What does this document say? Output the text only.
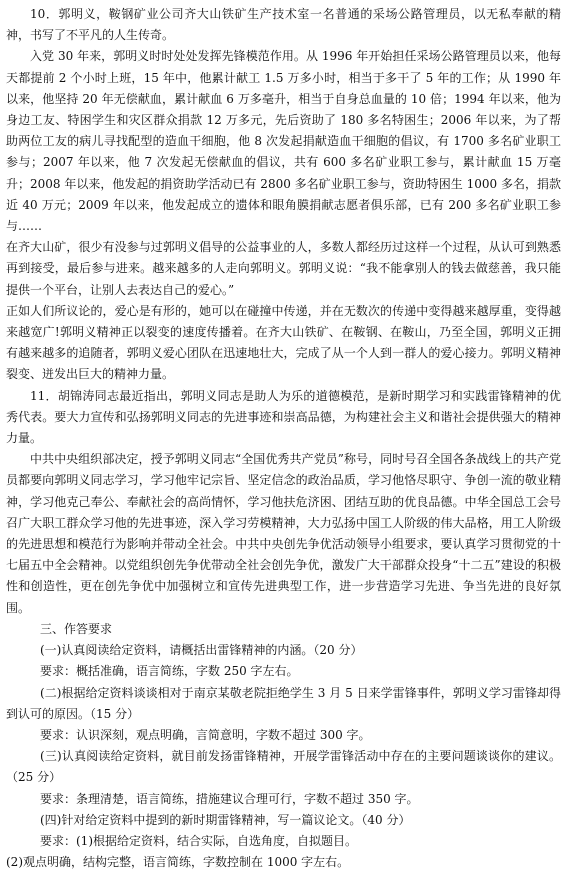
10．郭明义，鞍钢矿业公司齐大山铁矿生产技术室一名普通的采场公路管理员，以无私奉献的精神，书写了不平凡的人生传奇。

入党 30 年来，郭明义时时处处发挥先锋模范作用。从 1996 年开始担任采场公路管理员以来，他每天都提前 2 个小时上班，15 年中，他累计献工 1.5 万多小时，相当于多干了 5 年的工作；从 1990 年以来，他坚持 20 年无偿献血，累计献血 6 万多毫升，相当于自身总血量的 10 倍；1994 年以来，他为身边工友、特困学生和灾区群众捐款 12 万多元，先后资助了 180 多名特困生；2006 年以来，为了帮助两位工友的病儿寻找配型的造血干细胞，他 8 次发起捐献造血干细胞的倡议，有 1700 多名矿业职工参与；2007 年以来，他 7 次发起无偿献血的倡议，共有 600 多名矿业职工参与，累计献血 15 万毫升；2008 年以来，他发起的捐资助学活动已有 2800 多名矿业职工参与，资助特困生 1000 多名，捐款近 40 万元；2009 年以来，他发起成立的遗体和眼角膜捐献志愿者俱乐部，已有 200 多名矿业职工参与……

在齐大山矿，很少有没参与过郭明义倡导的公益事业的人，多数人都经历过这样一个过程，从认可到熟悉再到接受，最后参与进来。越来越多的人走向郭明义。郭明义说：“我不能拿别人的钱去做慈善，我只能提供一个平台，让别人去表达自己的爱心。”

正如人们所议论的，爱心是有形的，她可以在碰撞中传递，并在无数次的传递中变得越来越厚重，变得越来越宽广!郭明义精神正以裂变的速度传播着。在齐大山铁矿、在鞍钢、在鞍山，乃至全国，郭明义正拥有越来越多的追随者，郭明义爱心团队在迅速地壮大，完成了从一个人到一群人的爱心接力。郭明义精神裂变、迸发出巨大的精神力量。

11．胡锦涛同志最近指出，郭明义同志是助人为乐的道德模范，是新时期学习和实践雷锋精神的优秀代表。要大力宣传和弘扬郭明义同志的先进事迹和崇高品德，为构建社会主义和谐社会提供强大的精神力量。

中共中央组织部决定，授予郭明义同志“全国优秀共产党员”称号，同时号召全国各条战线上的共产党员都要向郭明义同志学习，学习他牢记宗旨、坚定信念的政治品质，学习他恪尽职守、争创一流的敬业精神，学习他克己奉公、奉献社会的高尚情怀，学习他扶危济困、团结互助的优良品德。中华全国总工会号召广大职工群众学习他的先进事迹，深入学习劳模精神，大力弘扬中国工人阶级的伟大品格，用工人阶级的先进思想和模范行为影响并带动全社会。中共中央创先争优活动领导小组要求，要认真学习贯彻党的十七届五中全会精神。以党组织创先争优带动全社会创先争优，激发广大干部群众投身“十二五”建设的积极性和创造性，更在创先争优中加强树立和宣传先进典型工作，进一步营造学习先进、争当先进的良好氛围。

三、作答要求

(一)认真阅读给定资料，请概括出雷锋精神的内涵。（20 分）

要求：概括准确，语言简练，字数 250 字左右。

(二)根据给定资料谈谈相对于南京某敬老院拒绝学生 3 月 5 日来学雷锋事件，郭明义学习雷锋却得到认可的原因。（15 分）

要求：认识深刻，观点明确，言简意明，字数不超过 300 字。

(三)认真阅读给定资料，就目前发扬雷锋精神，开展学雷锋活动中存在的主要问题谈谈你的建议。（25 分）

要求：条理清楚，语言简练，措施建议合理可行，字数不超过 350 字。

(四)针对给定资料中提到的新时期雷锋精神，写一篇议论文。（40 分）

要求：(1)根据给定资料，结合实际，自选角度，自拟题目。

(2)观点明确，结构完整，语言简练，字数控制在 1000 字左右。
